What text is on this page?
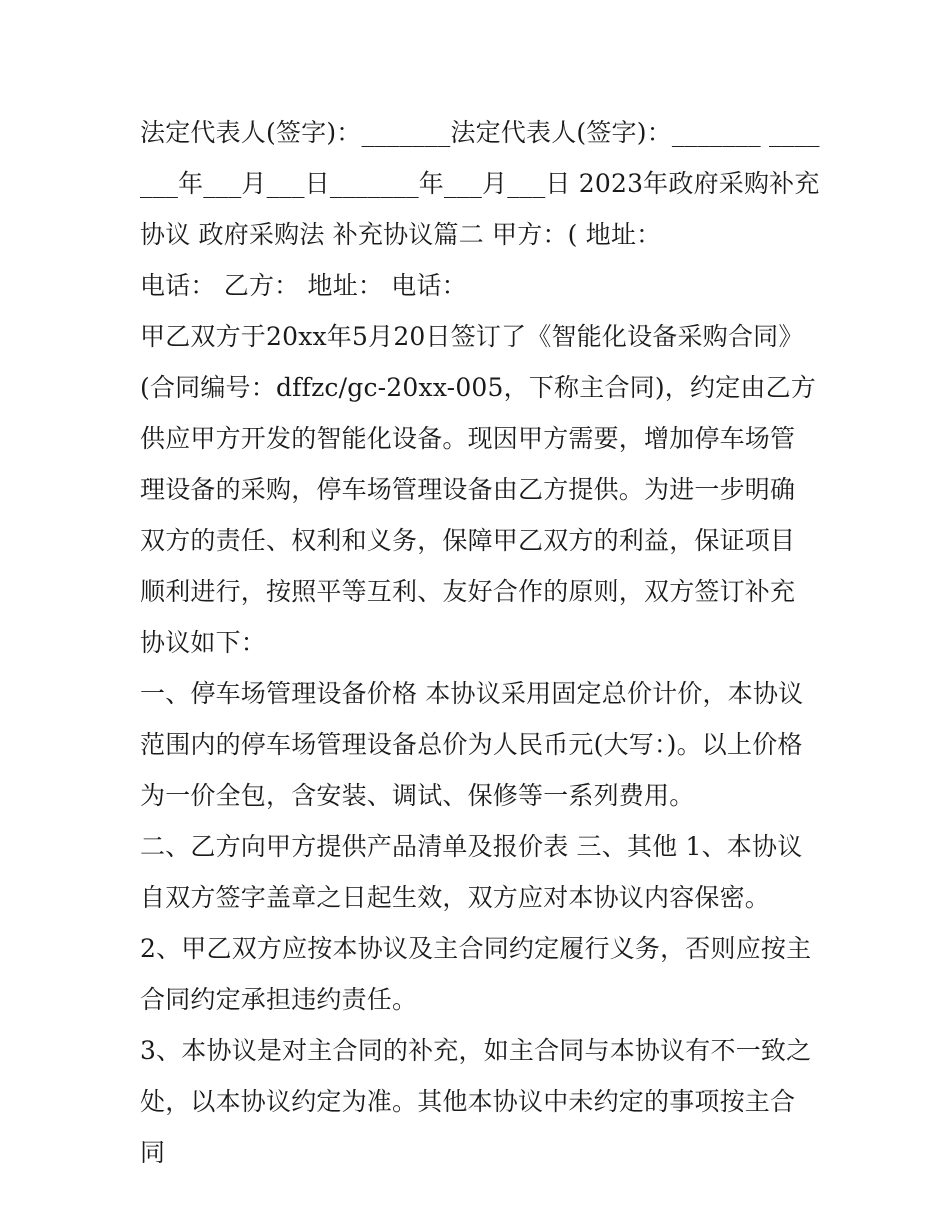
法定代表人(签字)：_______法定代表人(签字)：_______ _______年___月___日_______年___月___日 2023年政府采购补充协议 政府采购法 补充协议篇二 甲方：( 地址：

电话： 乙方： 地址： 电话：

甲乙双方于20xx年5月20日签订了《智能化设备采购合同》(合同编号：dffzc/gc-20xx-005，下称主合同)，约定由乙方供应甲方开发的智能化设备。现因甲方需要，增加停车场管理设备的采购，停车场管理设备由乙方提供。为进一步明确双方的责任、权利和义务，保障甲乙双方的利益，保证项目顺利进行，按照平等互利、友好合作的原则，双方签订补充协议如下：

一、停车场管理设备价格 本协议采用固定总价计价，本协议范围内的停车场管理设备总价为人民币元(大写：)。以上价格为一价全包，含安装、调试、保修等一系列费用。

二、乙方向甲方提供产品清单及报价表 三、其他 1、本协议自双方签字盖章之日起生效，双方应对本协议内容保密。

2、甲乙双方应按本协议及主合同约定履行义务，否则应按主合同约定承担违约责任。

3、本协议是对主合同的补充，如主合同与本协议有不一致之处，以本协议约定为准。其他本协议中未约定的事项按主合同
